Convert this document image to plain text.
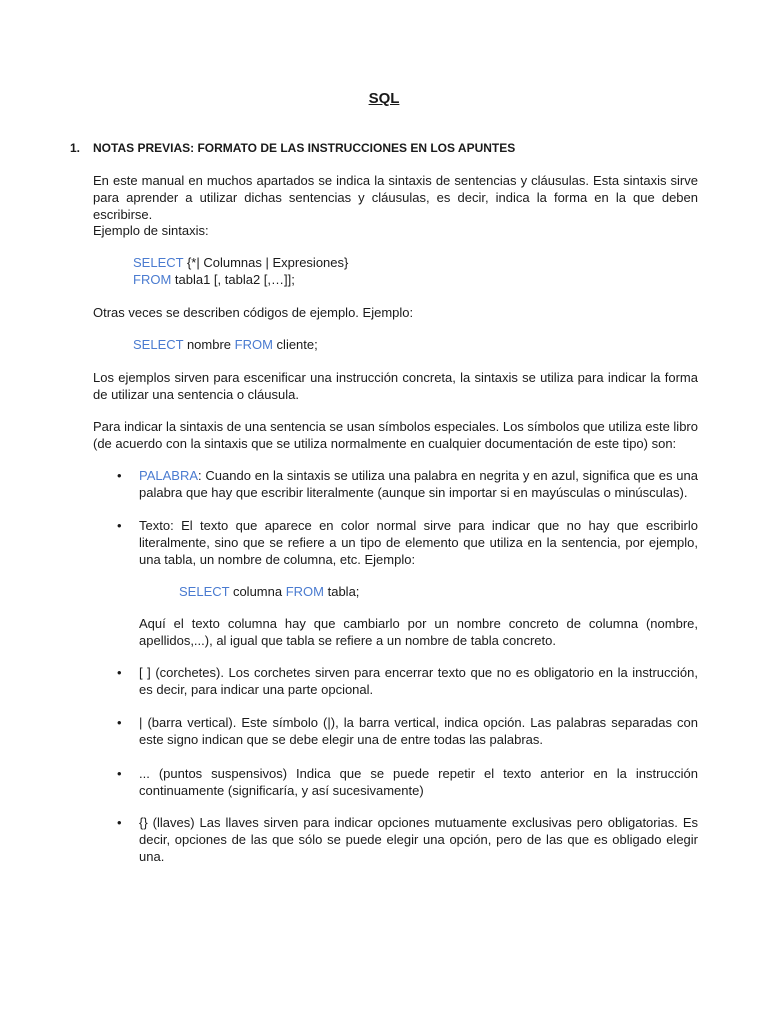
SQL
1. NOTAS PREVIAS: FORMATO DE LAS INSTRUCCIONES EN LOS APUNTES
En este manual en muchos apartados se indica la sintaxis de sentencias y cláusulas. Esta sintaxis sirve para aprender a utilizar dichas sentencias y cláusulas, es decir, indica la forma en la que deben escribirse.
Ejemplo de sintaxis:
SELECT {*| Columnas | Expresiones}
FROM tabla1 [, tabla2 [,…]];
Otras veces se describen códigos de ejemplo. Ejemplo:
SELECT nombre FROM cliente;
Los ejemplos sirven para escenificar una instrucción concreta, la sintaxis se utiliza para indicar la forma de utilizar una sentencia o cláusula.
Para indicar la sintaxis de una sentencia se usan símbolos especiales. Los símbolos que utiliza este libro (de acuerdo con la sintaxis que se utiliza normalmente en cualquier documentación de este tipo) son:
•	PALABRA: Cuando en la sintaxis se utiliza una palabra en negrita y en azul, significa que es una palabra que hay que escribir literalmente (aunque sin importar si en mayúsculas o minúsculas).
•	Texto: El texto que aparece en color normal sirve para indicar que no hay que escribirlo literalmente, sino que se refiere a un tipo de elemento que utiliza en la sentencia, por ejemplo, una tabla, un nombre de columna, etc. Ejemplo:
SELECT columna FROM tabla;
Aquí el texto columna hay que cambiarlo por un nombre concreto de columna (nombre, apellidos,...), al igual que tabla se refiere a un nombre de tabla concreto.
•	[ ] (corchetes). Los corchetes sirven para encerrar texto que no es obligatorio en la instrucción, es decir, para indicar una parte opcional.
•	| (barra vertical). Este símbolo (|), la barra vertical, indica opción. Las palabras separadas con este signo indican que se debe elegir una de entre todas las palabras.
•	... (puntos suspensivos) Indica que se puede repetir el texto anterior en la instrucción continuamente (significaría, y así sucesivamente)
•	{} (llaves) Las llaves sirven para indicar opciones mutuamente exclusivas pero obligatorias. Es decir, opciones de las que sólo se puede elegir una opción, pero de las que es obligado elegir una.
